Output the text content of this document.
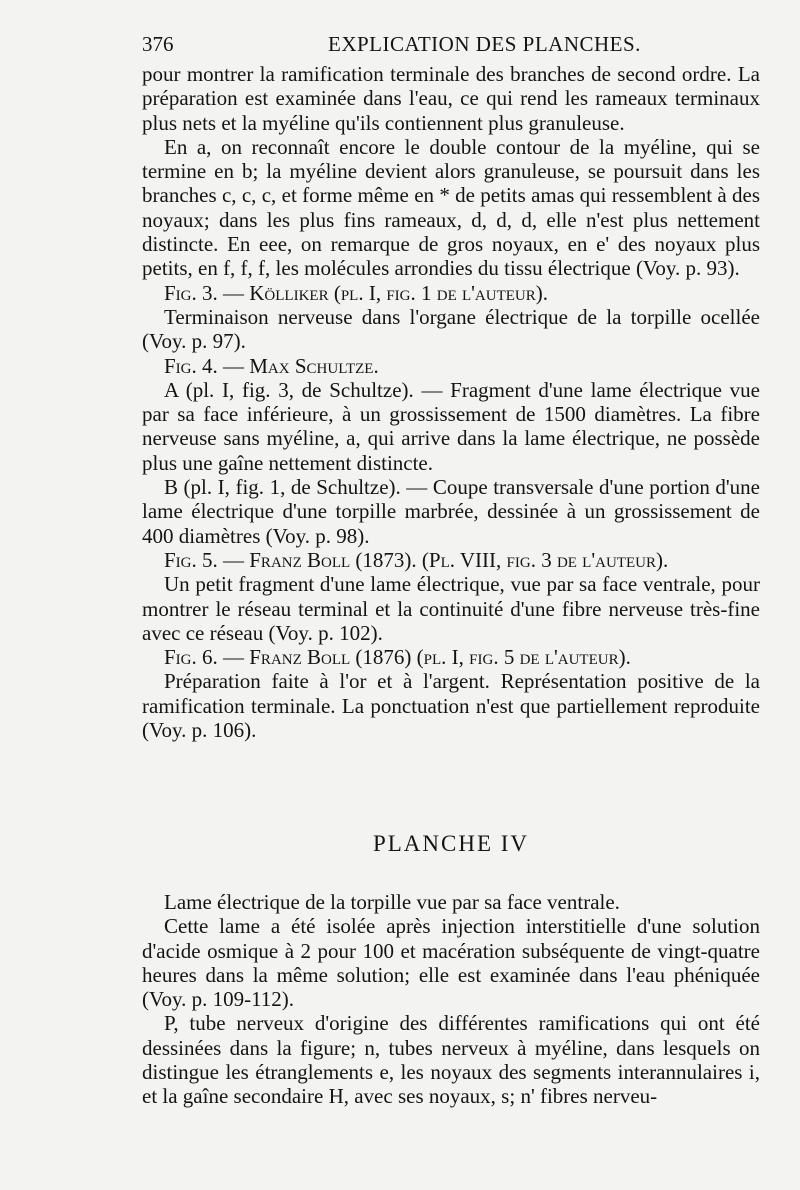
376	EXPLICATION DES PLANCHES.

pour montrer la ramification terminale des branches de second ordre. La préparation est examinée dans l'eau, ce qui rend les rameaux terminaux plus nets et la myéline qu'ils contiennent plus granuleuse.

En a, on reconnaît encore le double contour de la myéline, qui se termine en b; la myéline devient alors granuleuse, se poursuit dans les branches c, c, c, et forme même en * de petits amas qui ressemblent à des noyaux; dans les plus fins rameaux, d, d, d, elle n'est plus nettement distincte. En eee, on remarque de gros noyaux, en e' des noyaux plus petits, en f, f, f, les molécules arrondies du tissu électrique (Voy. p. 93).

Fig. 3. — Kölliker (pl. I, fig. 1 de l'auteur).

Terminaison nerveuse dans l'organe électrique de la torpille ocellée (Voy. p. 97).

Fig. 4. — Max Schultze.

A (pl. I, fig. 3, de Schultze). — Fragment d'une lame électrique vue par sa face inférieure, à un grossissement de 1500 diamètres. La fibre nerveuse sans myéline, a, qui arrive dans la lame électrique, ne possède plus une gaîne nettement distincte.

B (pl. I, fig. 1, de Schultze). — Coupe transversale d'une portion d'une lame électrique d'une torpille marbrée, dessinée à un grossissement de 400 diamètres (Voy. p. 98).

Fig. 5. — Franz Boll (1873). (Pl. VIII, fig. 3 de l'auteur).

Un petit fragment d'une lame électrique, vue par sa face ventrale, pour montrer le réseau terminal et la continuité d'une fibre nerveuse très-fine avec ce réseau (Voy. p. 102).

Fig. 6. — Franz Boll (1876) (pl. I, fig. 5 de l'auteur).

Préparation faite à l'or et à l'argent. Représentation positive de la ramification terminale. La ponctuation n'est que partiellement reproduite (Voy. p. 106).

PLANCHE IV

Lame électrique de la torpille vue par sa face ventrale.

Cette lame a été isolée après injection interstitielle d'une solution d'acide osmique à 2 pour 100 et macération subséquente de vingt-quatre heures dans la même solution; elle est examinée dans l'eau phéniquée (Voy. p. 109-112).

P, tube nerveux d'origine des différentes ramifications qui ont été dessinées dans la figure; n, tubes nerveux à myéline, dans lesquels on distingue les étranglements e, les noyaux des segments interannulaires i, et la gaîne secondaire H, avec ses noyaux, s; n' fibres nerveu-
